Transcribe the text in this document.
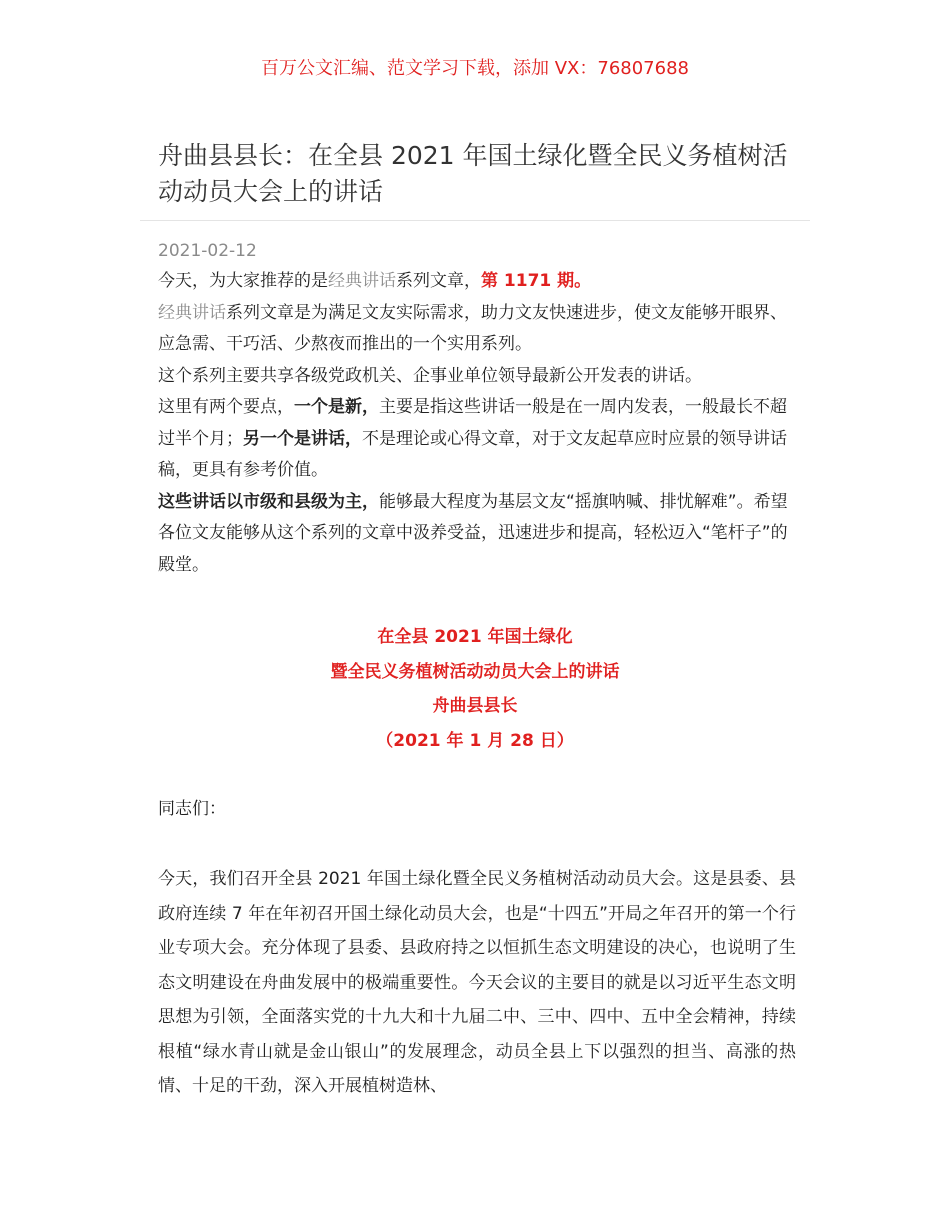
百万公文汇编、范文学习下载，添加 VX：76807688
舟曲县县长：在全县 2021 年国土绿化暨全民义务植树活动动员大会上的讲话
2021-02-12

今天，为大家推荐的是经典讲话系列文章，第 1171 期。

经典讲话系列文章是为满足文友实际需求，助力文友快速进步，使文友能够开眼界、应急需、干巧活、少熬夜而推出的一个实用系列。

这个系列主要共享各级党政机关、企事业单位领导最新公开发表的讲话。

这里有两个要点，一个是新，主要是指这些讲话一般是在一周内发表，一般最长不超过半个月；另一个是讲话，不是理论或心得文章，对于文友起草应时应景的领导讲话稿，更具有参考价值。

这些讲话以市级和县级为主，能够最大程度为基层文友“摇旗呐喊、排忧解难”。希望各位文友能够从这个系列的文章中汲养受益，迅速进步和提高，轻松迈入“笔杆子”的殿堂。

在全县 2021 年国土绿化
暨全民义务植树活动动员大会上的讲话
舟曲县县长
（2021 年 1 月 28 日）
同志们：

今天，我们召开全县 2021 年国土绿化暨全民义务植树活动动员大会。这是县委、县政府连续 7 年在年初召开国土绿化动员大会，也是“十四五”开局之年召开的第一个行业专项大会。充分体现了县委、县政府持之以恒抓生态文明建设的决心，也说明了生态文明建设在舟曲发展中的极端重要性。今天会议的主要目的就是以习近平生态文明思想为引领，全面落实党的十九大和十九届二中、三中、四中、五中全会精神，持续根植“绿水青山就是金山银山”的发展理念，动员全县上下以强烈的担当、高涨的热情、十足的干劲，深入开展植树造林、
